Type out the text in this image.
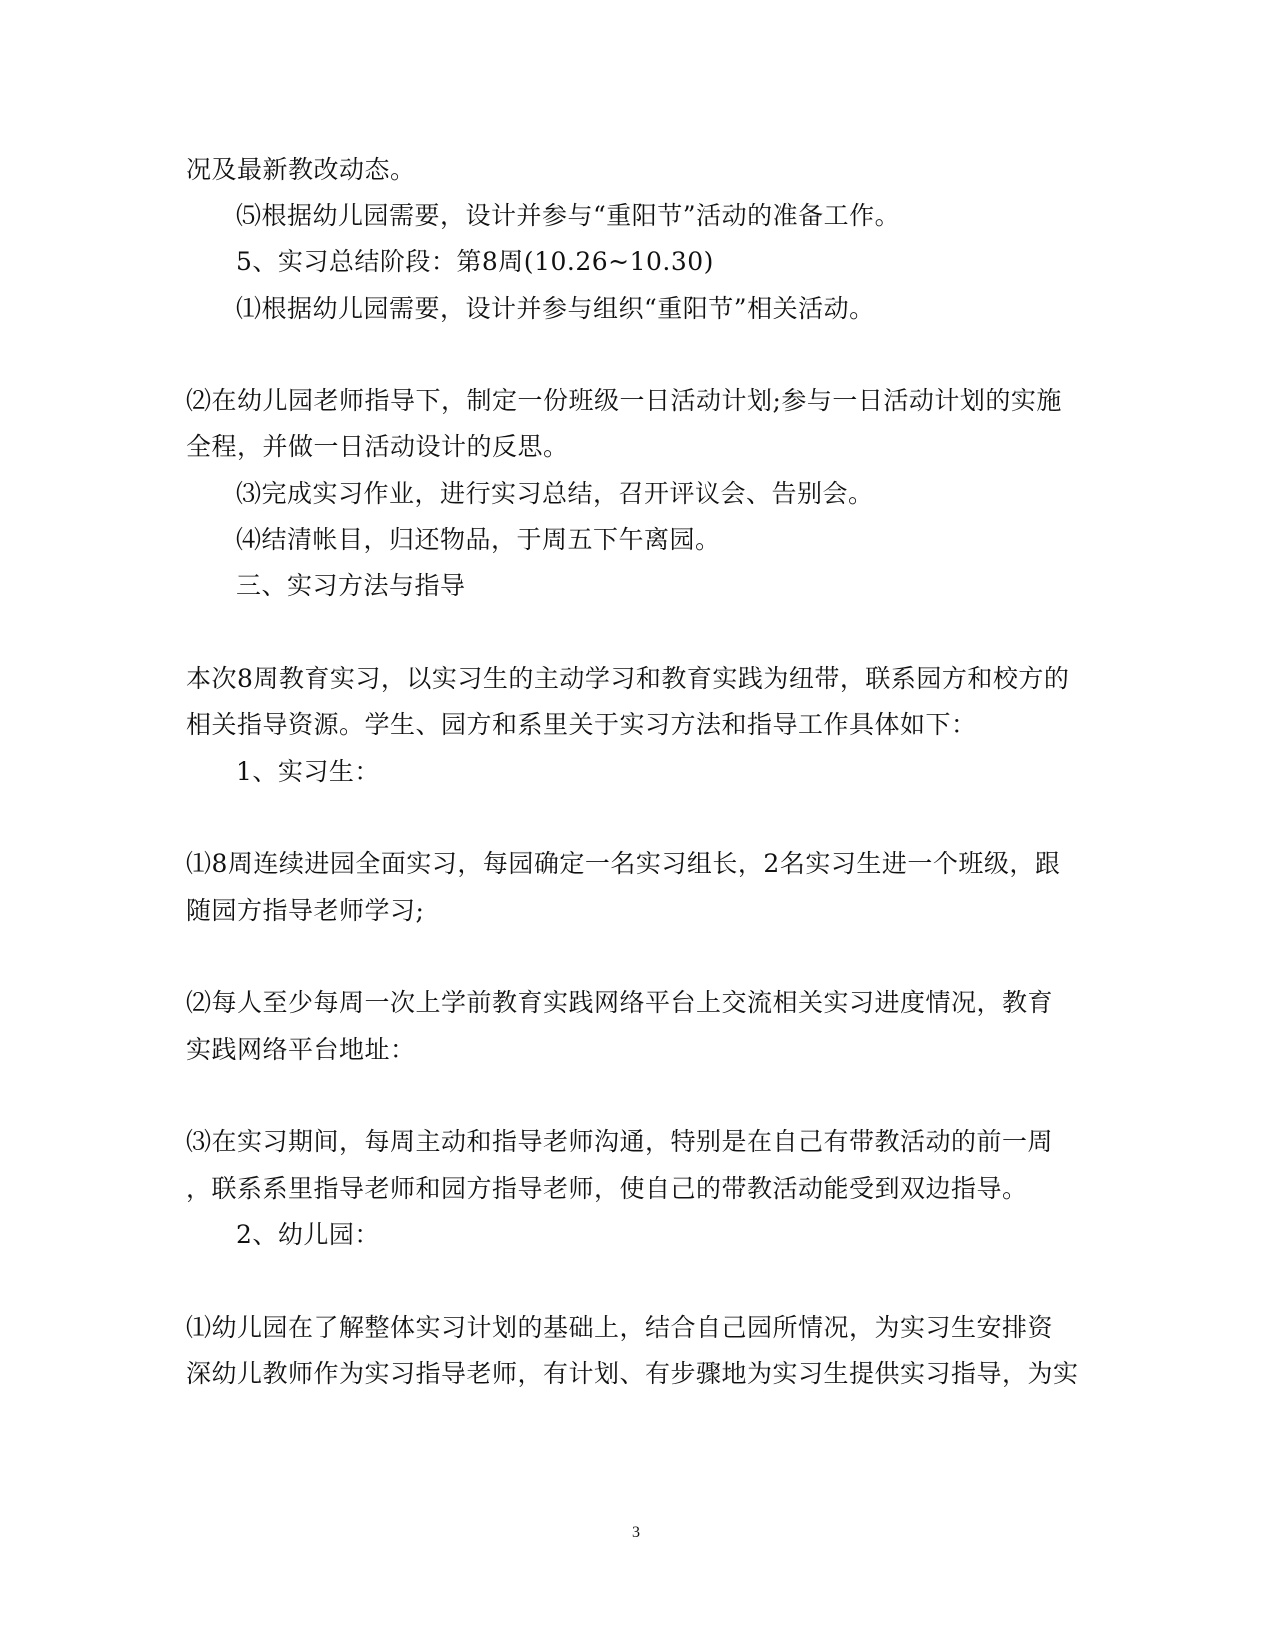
况及最新教改动态。
⑸根据幼儿园需要，设计并参与“重阳节”活动的准备工作。
5、实习总结阶段：第8周(10.26~10.30)
⑴根据幼儿园需要，设计并参与组织“重阳节”相关活动。
⑵在幼儿园老师指导下，制定一份班级一日活动计划;参与一日活动计划的实施
全程，并做一日活动设计的反思。
⑶完成实习作业，进行实习总结，召开评议会、告别会。
⑷结清帐目，归还物品，于周五下午离园。
三、实习方法与指导
本次8周教育实习，以实习生的主动学习和教育实践为纽带，联系园方和校方的
相关指导资源。学生、园方和系里关于实习方法和指导工作具体如下：
1、实习生：
⑴8周连续进园全面实习，每园确定一名实习组长，2名实习生进一个班级，跟
随园方指导老师学习;
⑵每人至少每周一次上学前教育实践网络平台上交流相关实习进度情况，教育
实践网络平台地址：
⑶在实习期间，每周主动和指导老师沟通，特别是在自己有带教活动的前一周
，联系系里指导老师和园方指导老师，使自己的带教活动能受到双边指导。
2、幼儿园：
⑴幼儿园在了解整体实习计划的基础上，结合自己园所情况，为实习生安排资
深幼儿教师作为实习指导老师，有计划、有步骤地为实习生提供实习指导，为实
3
